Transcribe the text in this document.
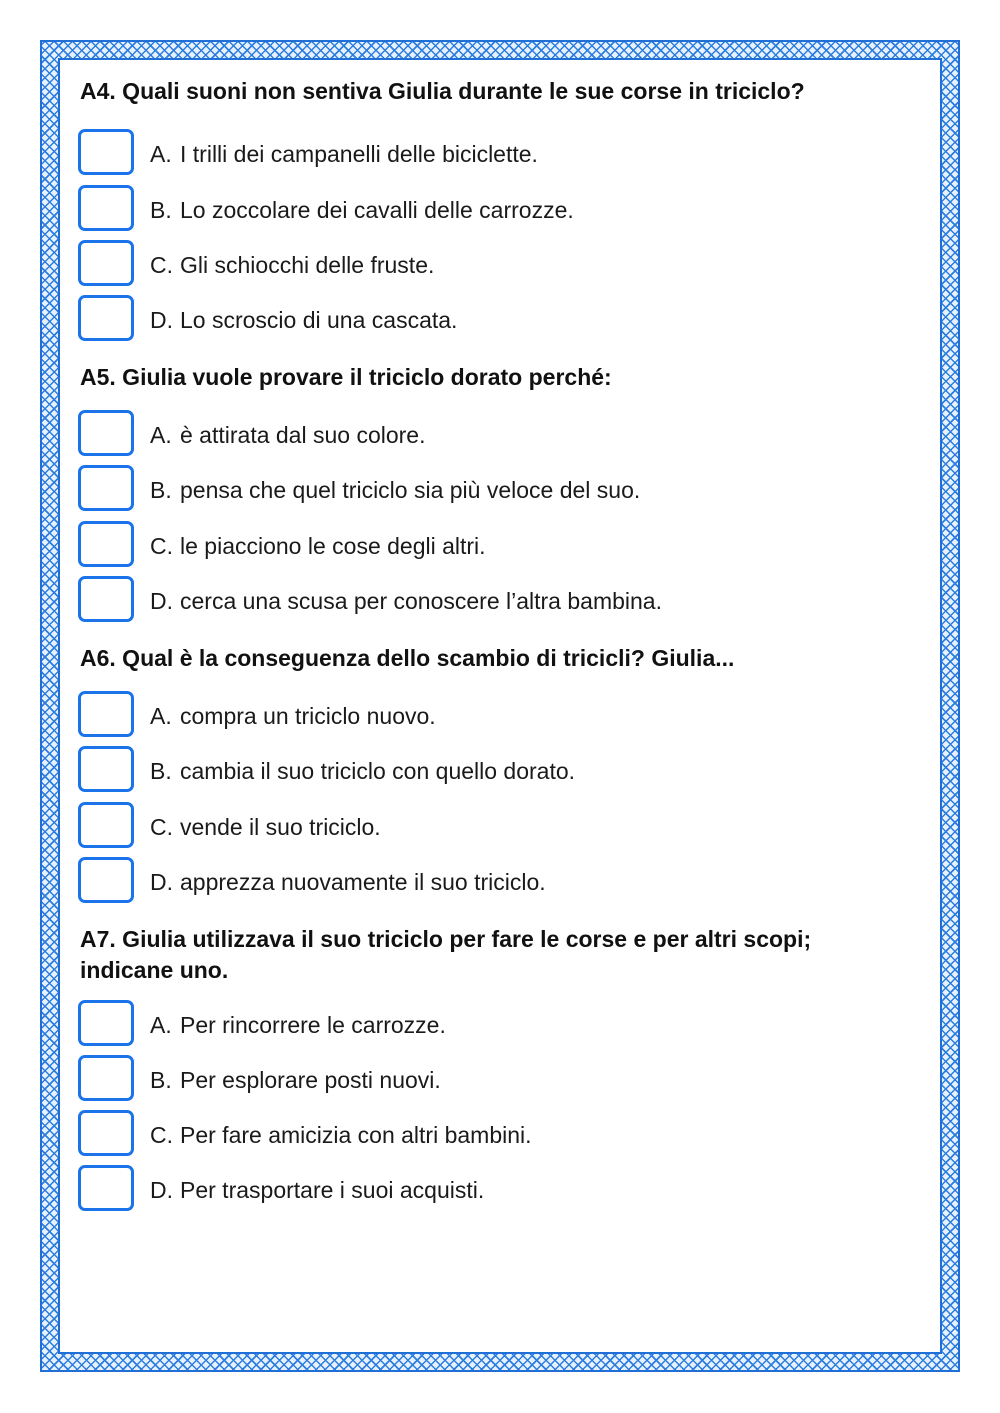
A4. Quali suoni non sentiva Giulia durante le sue corse in triciclo?
A. I trilli dei campanelli delle biciclette.
B. Lo zoccolare dei cavalli delle carrozze.
C. Gli schiocchi delle fruste.
D. Lo scroscio di una cascata.
A5. Giulia vuole provare il triciclo dorato perché:
A. è attirata dal suo colore.
B. pensa che quel triciclo sia più veloce del suo.
C. le piacciono le cose degli altri.
D. cerca una scusa per conoscere l’altra bambina.
A6. Qual è la conseguenza dello scambio di tricicli? Giulia...
A. compra un triciclo nuovo.
B. cambia il suo triciclo con quello dorato.
C. vende il suo triciclo.
D. apprezza nuovamente il suo triciclo.
A7. Giulia utilizzava il suo triciclo per fare le corse e per altri scopi; indicane uno.
A. Per rincorrere le carrozze.
B. Per esplorare posti nuovi.
C. Per fare amicizia con altri bambini.
D. Per trasportare i suoi acquisti.
